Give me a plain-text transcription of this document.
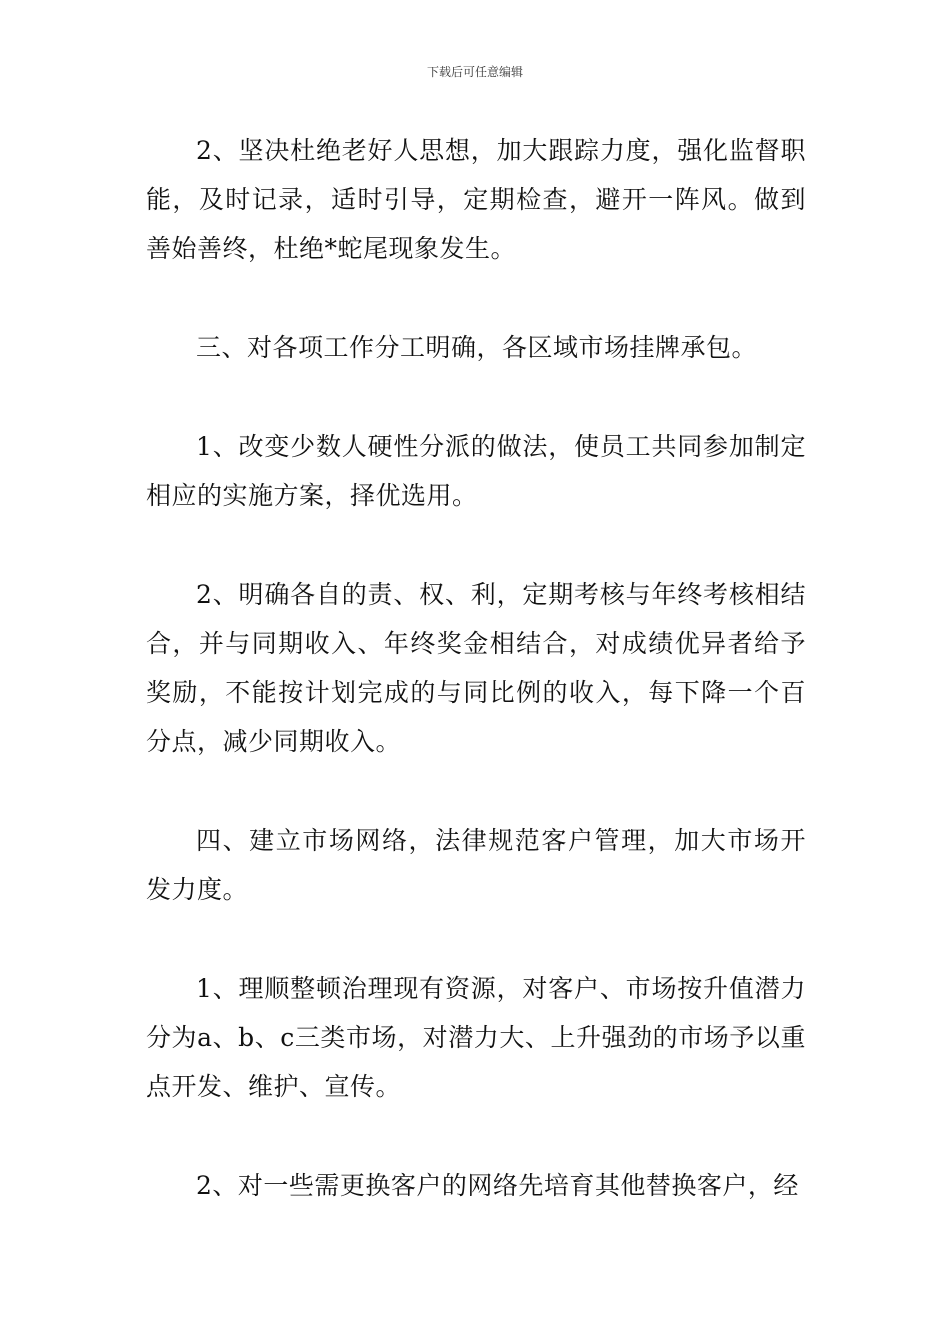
下载后可任意编辑

2、坚决杜绝老好人思想，加大跟踪力度，强化监督职能，及时记录，适时引导，定期检查，避开一阵风。做到善始善终，杜绝*蛇尾现象发生。

三、对各项工作分工明确，各区域市场挂牌承包。

1、改变少数人硬性分派的做法，使员工共同参加制定相应的实施方案，择优选用。

2、明确各自的责、权、利，定期考核与年终考核相结合，并与同期收入、年终奖金相结合，对成绩优异者给予奖励，不能按计划完成的与同比例的收入，每下降一个百分点，减少同期收入。

四、建立市场网络，法律规范客户管理，加大市场开发力度。

1、理顺整顿治理现有资源，对客户、市场按升值潜力分为a、b、c三类市场，对潜力大、上升强劲的市场予以重点开发、维护、宣传。

2、对一些需更换客户的网络先培育其他替换客户，经
